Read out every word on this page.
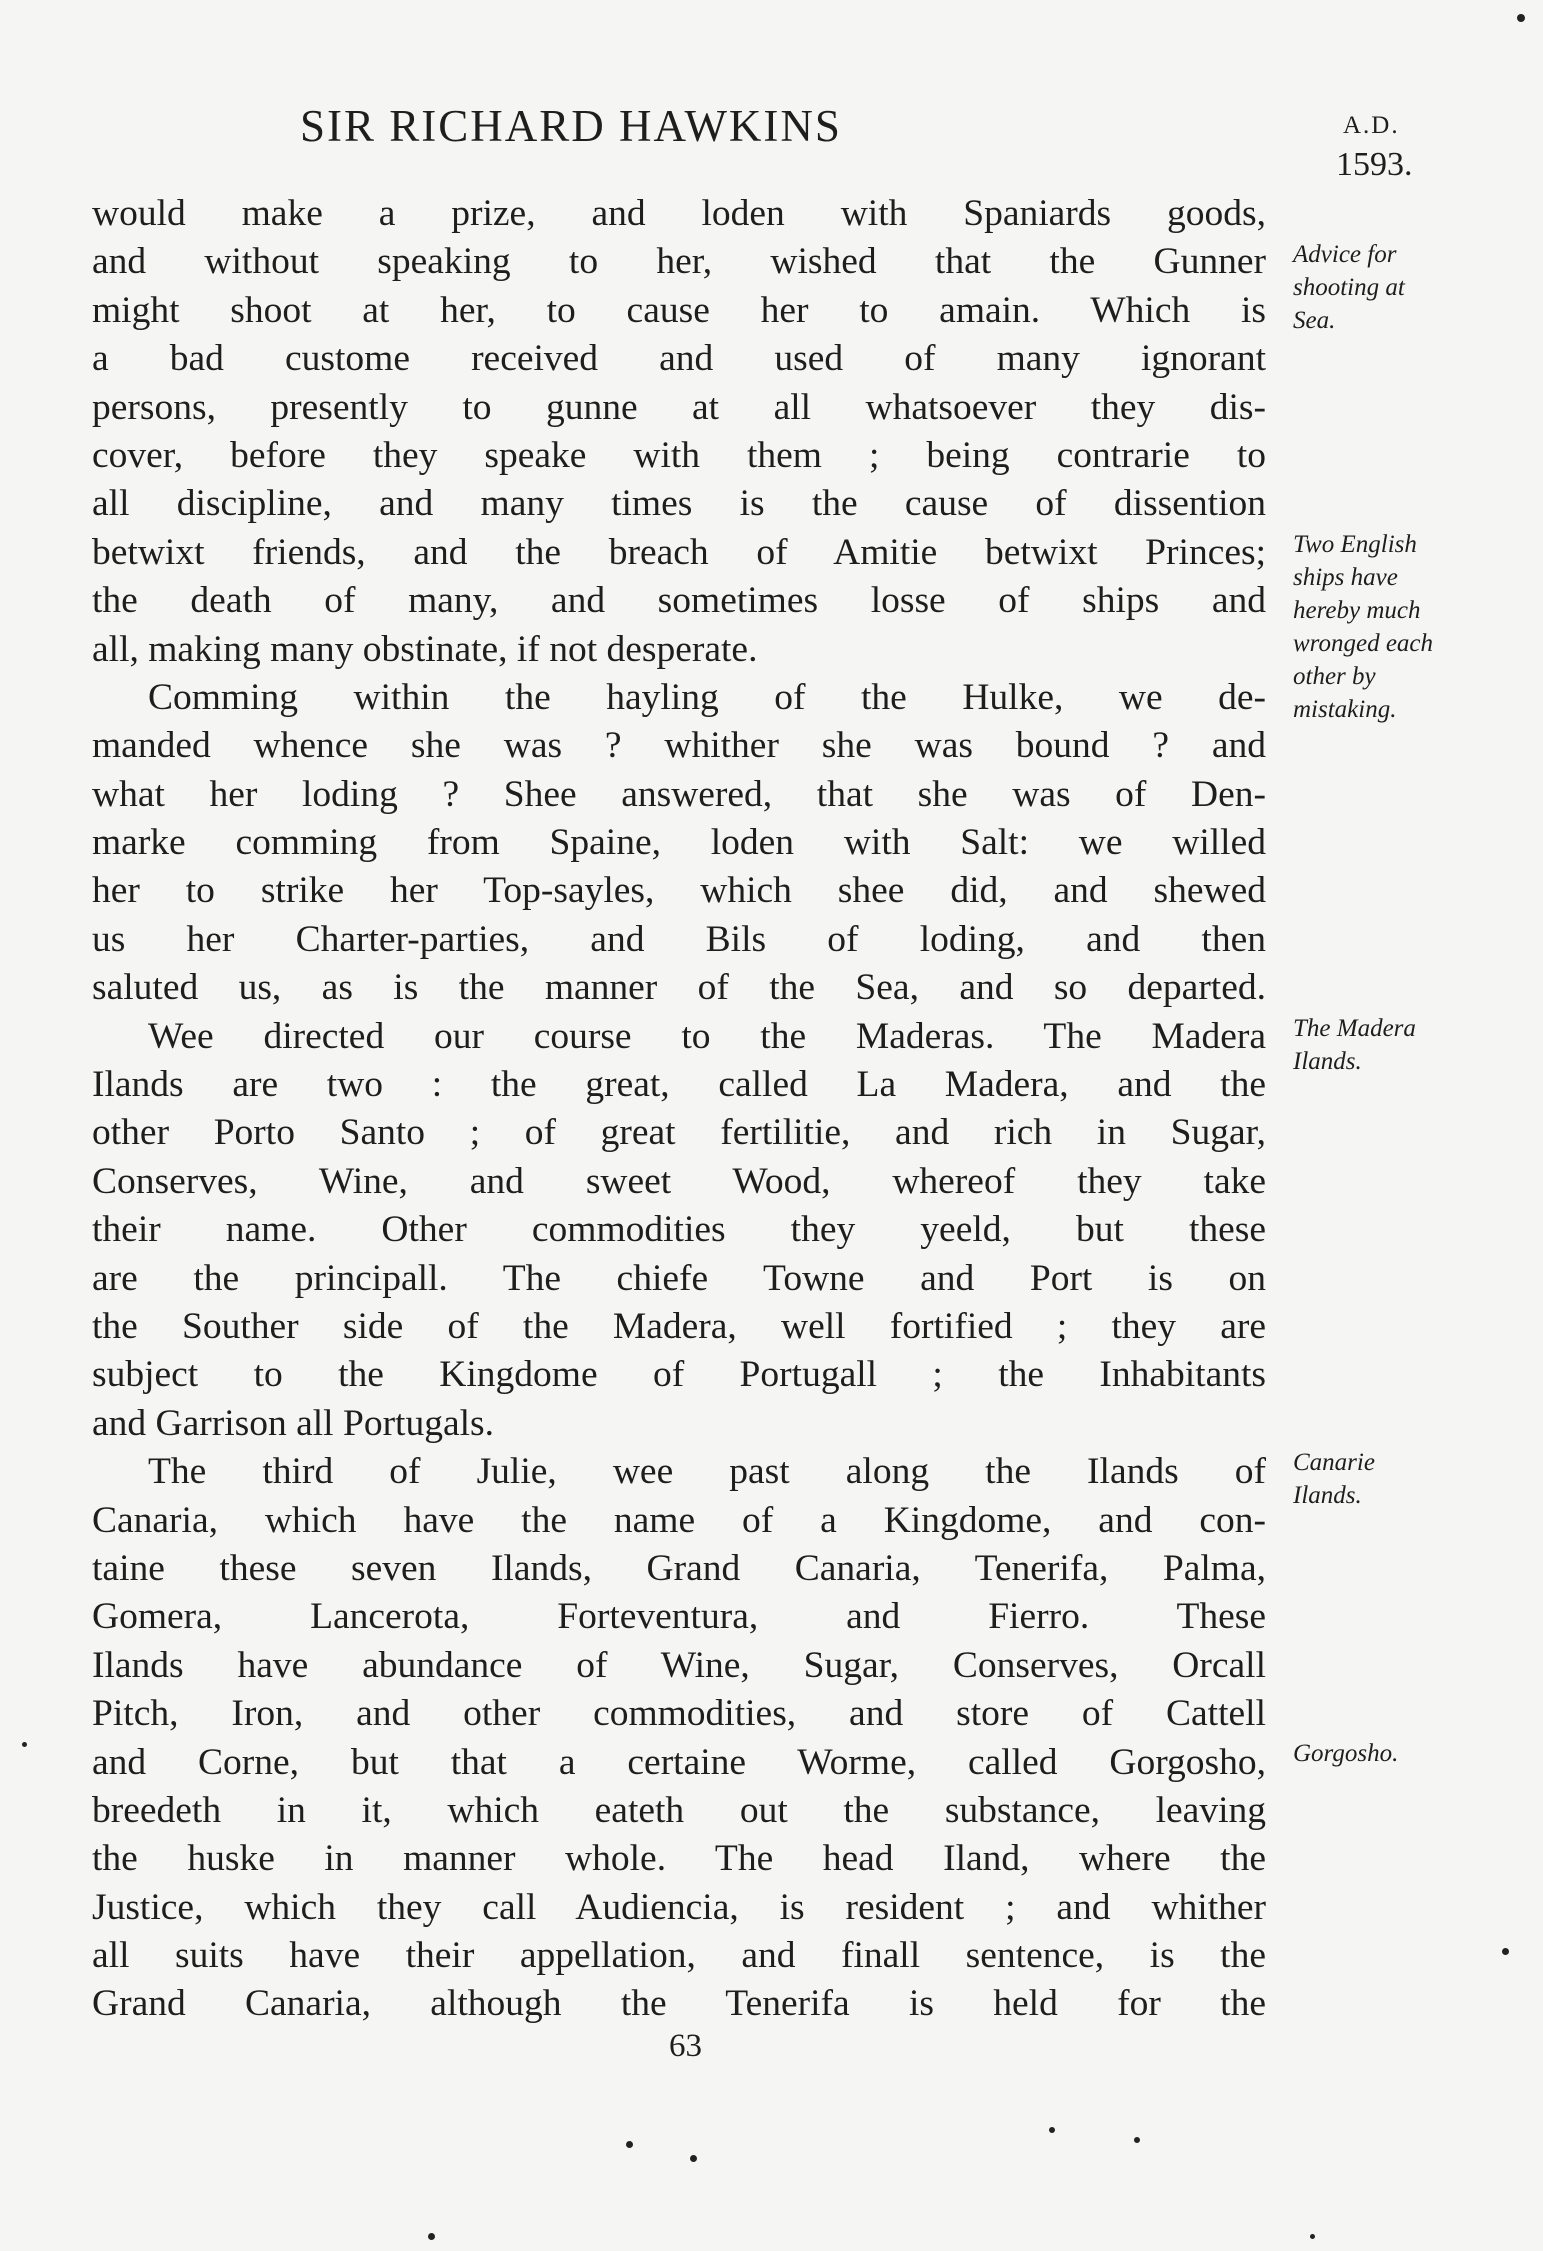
SIR RICHARD HAWKINS	A.D.
1593.
would make a prize, and loden with Spaniards goods,
and without speaking to her, wished that the Gunner
might shoot at her, to cause her to amain. Which is
a bad custome received and used of many ignorant
persons, presently to gunne at all whatsoever they dis-
cover, before they speake with them ; being contrarie to
all discipline, and many times is the cause of dissention
betwixt friends, and the breach of Amitie betwixt Princes;
the death of many, and sometimes losse of ships and
all, making many obstinate, if not desperate.
Comming within the hayling of the Hulke, we de-
manded whence she was ? whither she was bound ? and
what her loding ? Shee answered, that she was of Den-
marke comming from Spaine, loden with Salt: we willed
her to strike her Top-sayles, which shee did, and shewed
us her Charter-parties, and Bils of loding, and then
saluted us, as is the manner of the Sea, and so departed.
Wee directed our course to the Maderas. The Madera
Ilands are two : the great, called La Madera, and the
other Porto Santo ; of great fertilitie, and rich in Sugar,
Conserves, Wine, and sweet Wood, whereof they take
their name. Other commodities they yeeld, but these
are the principall. The chiefe Towne and Port is on
the Souther side of the Madera, well fortified ; they are
subject to the Kingdome of Portugall ; the Inhabitants
and Garrison all Portugals.
The third of Julie, wee past along the Ilands of
Canaria, which have the name of a Kingdome, and con-
taine these seven Ilands, Grand Canaria, Tenerifa, Palma,
Gomera, Lancerota, Forteventura, and Fierro. These
Ilands have abundance of Wine, Sugar, Conserves, Orcall
Pitch, Iron, and other commodities, and store of Cattell
and Corne, but that a certaine Worme, called Gorgosho,
breedeth in it, which eateth out the substance, leaving
the huske in manner whole. The head Iland, where the
Justice, which they call Audiencia, is resident ; and whither
all suits have their appellation, and finall sentence, is the
Grand Canaria, although the Tenerifa is held for the
Advice for
shooting at
Sea.
Two English
ships have
hereby much
wronged each
other by
mistaking.
The Madera
Ilands.
Canarie
Ilands.
Gorgosho.
63
